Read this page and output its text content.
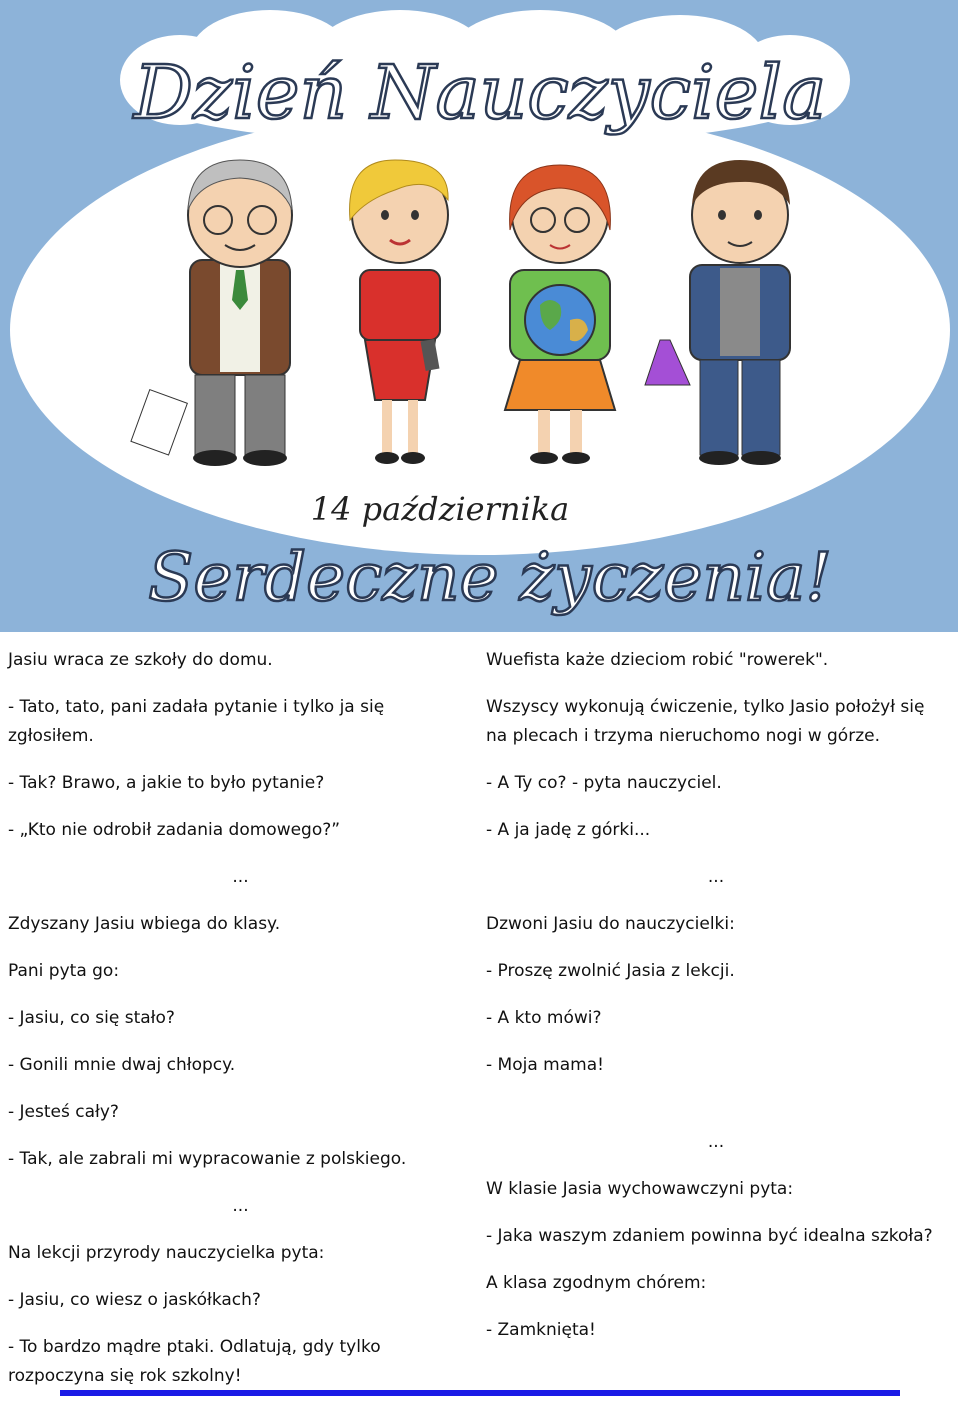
Dzień Nauczyciela
14 października
Serdeczne życzenia!

Jasiu wraca ze szkoły do domu.

- Tato, tato, pani zadała pytanie i tylko ja się zgłosiłem.

- Tak? Brawo, a jakie to było pytanie?

- „Kto nie odrobił zadania domowego?”

...

Zdyszany Jasiu wbiega do klasy.

Pani pyta go:

- Jasiu, co się stało?

- Gonili mnie dwaj chłopcy.

- Jesteś cały?

- Tak, ale zabrali mi wypracowanie z polskiego.

...

Na lekcji przyrody nauczycielka pyta:

- Jasiu, co wiesz o jaskółkach?

- To bardzo mądre ptaki. Odlatują, gdy tylko rozpoczyna się rok szkolny!

Wuefista każe dzieciom robić "rowerek".

Wszyscy wykonują ćwiczenie, tylko Jasio położył się na plecach i trzyma nieruchomo nogi w górze.

- A Ty co? - pyta nauczyciel.

- A ja jadę z górki...

...

Dzwoni Jasiu do nauczycielki:

- Proszę zwolnić Jasia z lekcji.

- A kto mówi?

- Moja mama!

...

W klasie Jasia wychowawczyni pyta:

- Jaka waszym zdaniem powinna być idealna szkoła?

A klasa zgodnym chórem:

- Zamknięta!
